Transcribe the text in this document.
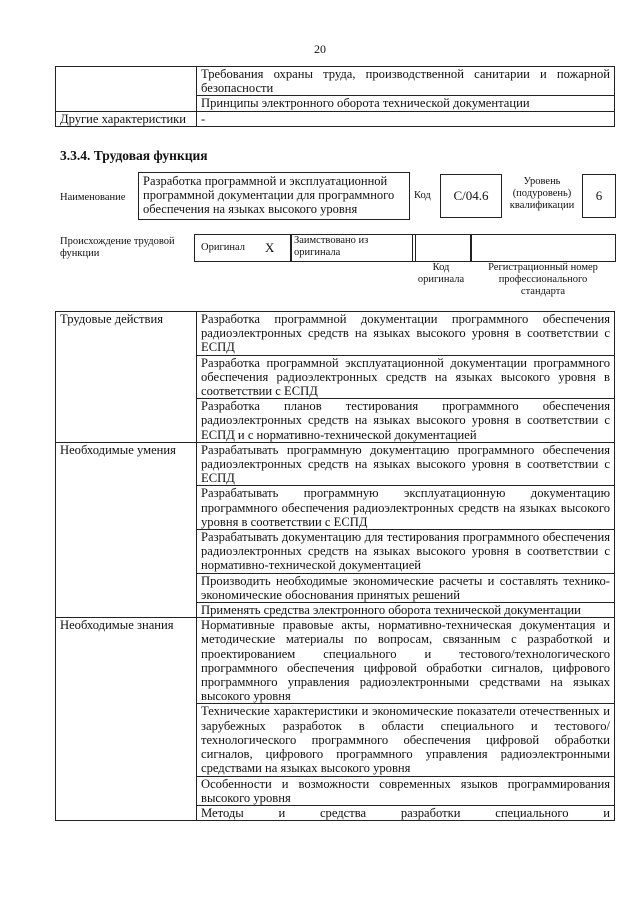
20

	Требования охраны труда, производственной санитарии и пожарной безопасности
Принципы электронного оборота технической документации

Другие характеристики	-
3.3.4. Трудовая функция
Наименование
Разработка программной и эксплуатационной программной документации для программного обеспечения на языках высокого уровня
Код	С/04.6
Уровень (подуровень) квалификации
6
Происхождение трудовой функции
Оригинал Х	Заимствовано из оригинала
Код оригинала
Регистрационный номер профессионального стандарта
Трудовые действия	Разработка программной документации программного обеспечения радиоэлектронных средств на языках высокого уровня в соответствии с ЕСПД
Разработка программной эксплуатационной документации программного обеспечения радиоэлектронных средств на языках высокого уровня в соответствии с ЕСПД
Разработка планов тестирования программного обеспечения радиоэлектронных средств на языках высокого уровня в соответствии с ЕСПД и с нормативно-технической документацией

Необходимые умения	Разрабатывать программную документацию программного обеспечения радиоэлектронных средств на языках высокого уровня в соответствии с ЕСПД
Разрабатывать программную эксплуатационную документацию программного обеспечения радиоэлектронных средств на языках высокого уровня в соответствии с ЕСПД
Разрабатывать документацию для тестирования программного обеспечения радиоэлектронных средств на языках высокого уровня в соответствии с нормативно-технической документацией
Производить необходимые экономические расчеты и составлять технико-экономические обоснования принятых решений
Применять средства электронного оборота технической документации

Необходимые знания	Нормативные правовые акты, нормативно-техническая документация и методические материалы по вопросам, связанным с разработкой и проектированием специального и тестового/технологического программного обеспечения цифровой обработки сигналов, цифрового программного управления радиоэлектронными средствами на языках высокого уровня
Технические характеристики и экономические показатели отечественных и зарубежных разработок в области специального и тестового/технологического программного обеспечения цифровой обработки сигналов, цифрового программного управления радиоэлектронными средствами на языках высокого уровня
Особенности и возможности современных языков программирования высокого уровня
Методы и средства разработки специального и
